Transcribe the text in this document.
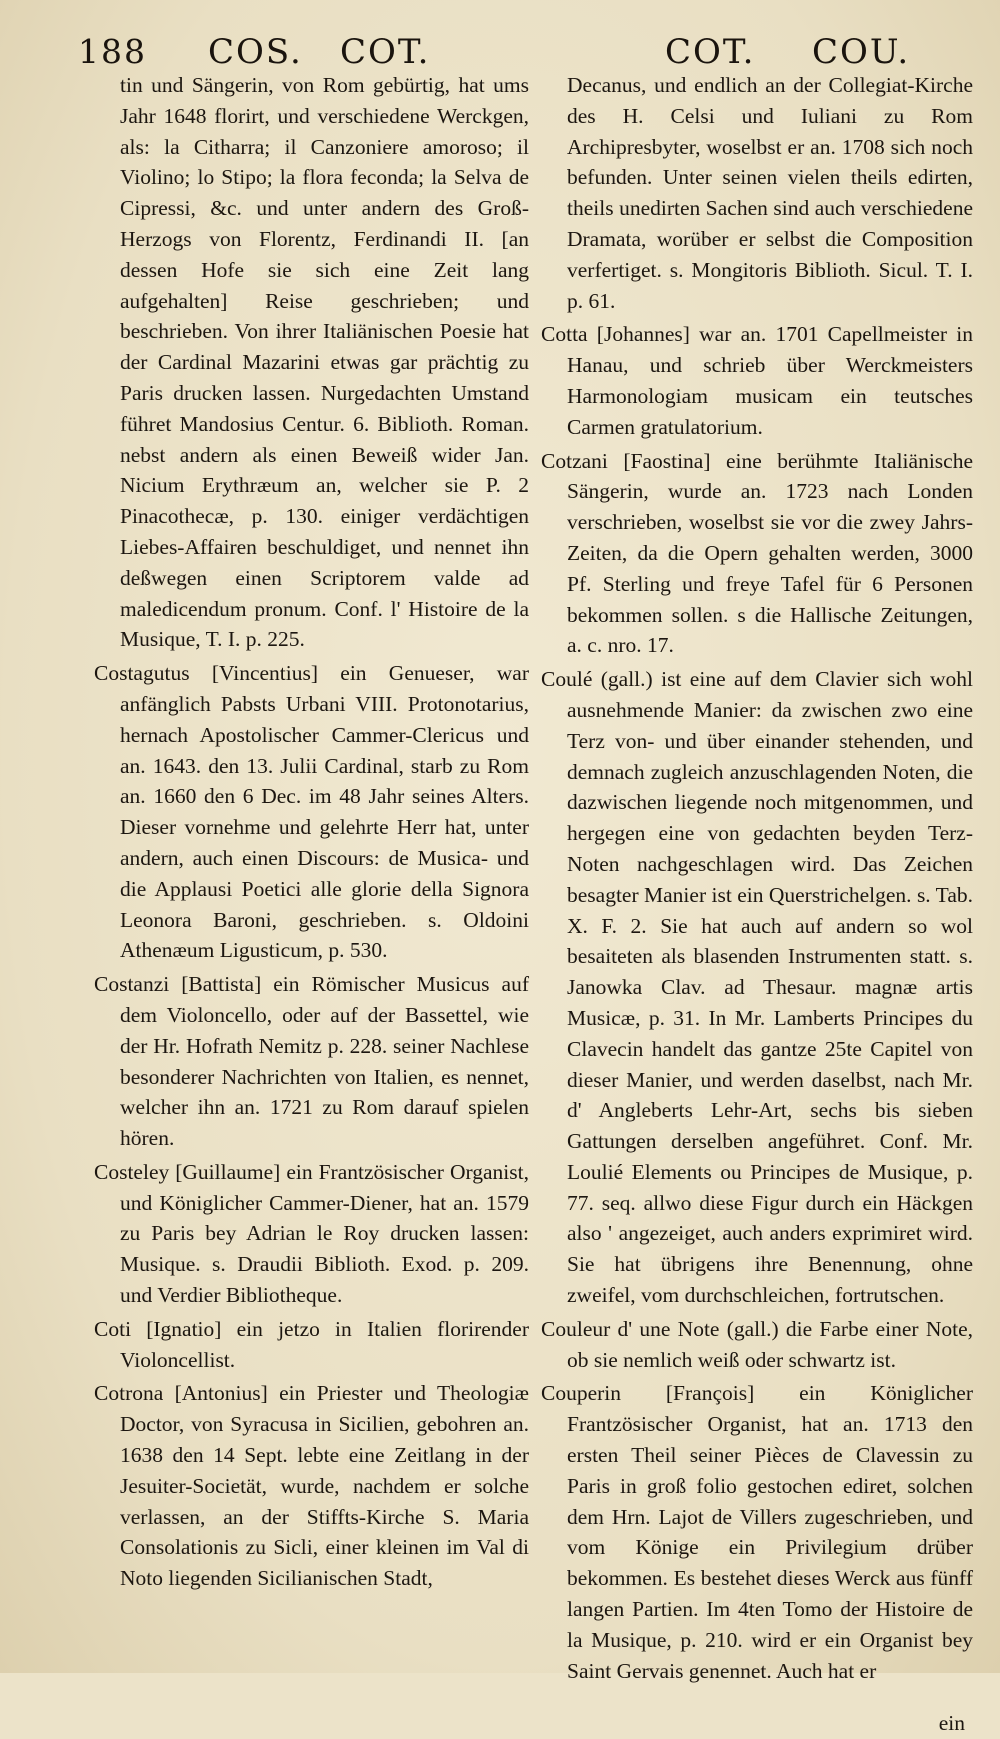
188 COS. COT.	COT. COU.

tin und Sängerin, von Rom gebürtig, hat ums Jahr 1648 florirt, und verschiedene Werckgen, als: la Citharra; il Canzoniere amoroso; il Violino; lo Stipo; la flora feconda; la Selva de Cipressi, &c. und unter andern des Groß-Herzogs von Florentz, Ferdinandi II. [an dessen Hofe sie sich eine Zeit lang aufgehalten] Reise geschrieben; und beschrieben. Von ihrer Italiänischen Poesie hat der Cardinal Mazarini etwas gar prächtig zu Paris drucken lassen. Nurgedachten Umstand führet Mandosius Centur. 6. Biblioth. Roman. nebst andern als einen Beweiß wider Jan. Nicium Erythræum an, welcher sie P. 2 Pinacothecæ, p. 130. einiger verdächtigen Liebes-Affairen beschuldiget, und nennet ihn deßwegen einen Scriptorem valde ad maledicendum pronum. Conf. l' Histoire de la Musique, T. I. p. 225.

Costagutus [Vincentius] ein Genueser, war anfänglich Pabsts Urbani VIII. Protonotarius, hernach Apostolischer Cammer-Clericus und an. 1643. den 13. Julii Cardinal, starb zu Rom an. 1660 den 6 Dec. im 48 Jahr seines Alters. Dieser vornehme und gelehrte Herr hat, unter andern, auch einen Discours: de Musica- und die Applausi Poetici alle glorie della Signora Leonora Baroni, geschrieben. s. Oldoini Athenæum Ligusticum, p. 530.

Costanzi [Battista] ein Römischer Musicus auf dem Violoncello, oder auf der Bassettel, wie der Hr. Hofrath Nemitz p. 228. seiner Nachlese besonderer Nachrichten von Italien, es nennet, welcher ihn an. 1721 zu Rom darauf spielen hören.

Costeley [Guillaume] ein Frantzösischer Organist, und Königlicher Cammer-Diener, hat an. 1579 zu Paris bey Adrian le Roy drucken lassen: Musique. s. Draudii Biblioth. Exod. p. 209. und Verdier Bibliotheque.

Coti [Ignatio] ein jetzo in Italien florirender Violoncellist.

Cotrona [Antonius] ein Priester und Theologiæ Doctor, von Syracusa in Sicilien, gebohren an. 1638 den 14 Sept. lebte eine Zeitlang in der Jesuiter-Societät, wurde, nachdem er solche verlassen, an der Stiffts-Kirche S. Maria Consolationis zu Sicli, einer kleinen im Val di Noto liegenden Sicilianischen Stadt,

Decanus, und endlich an der Collegiat-Kirche des H. Celsi und Iuliani zu Rom Archipresbyter, woselbst er an. 1708 sich noch befunden. Unter seinen vielen theils edirten, theils unedirten Sachen sind auch verschiedene Dramata, worüber er selbst die Composition verfertiget. s. Mongitoris Biblioth. Sicul. T. I. p. 61.

Cotta [Johannes] war an. 1701 Capellmeister in Hanau, und schrieb über Werckmeisters Harmonologiam musicam ein teutsches Carmen gratulatorium.

Cotzani [Faostina] eine berühmte Italiänische Sängerin, wurde an. 1723 nach Londen verschrieben, woselbst sie vor die zwey Jahrs-Zeiten, da die Opern gehalten werden, 3000 Pf. Sterling und freye Tafel für 6 Personen bekommen sollen. s die Hallische Zeitungen, a. c. nro. 17.

Coulé (gall.) ist eine auf dem Clavier sich wohl ausnehmende Manier: da zwischen zwo eine Terz von- und über einander stehenden, und demnach zugleich anzuschlagenden Noten, die dazwischen liegende noch mitgenommen, und hergegen eine von gedachten beyden Terz-Noten nachgeschlagen wird. Das Zeichen besagter Manier ist ein Querstrichelgen. s. Tab. X. F. 2. Sie hat auch auf andern so wol besaiteten als blasenden Instrumenten statt. s. Janowka Clav. ad Thesaur. magnæ artis Musicæ, p. 31. In Mr. Lamberts Principes du Clavecin handelt das gantze 25te Capitel von dieser Manier, und werden daselbst, nach Mr. d' Angleberts Lehr-Art, sechs bis sieben Gattungen derselben angeführet. Conf. Mr. Loulié Elements ou Principes de Musique, p. 77. seq. allwo diese Figur durch ein Häckgen also ' angezeiget, auch anders exprimiret wird. Sie hat übrigens ihre Benennung, ohne zweifel, vom durchschleichen, fortrutschen.

Couleur d' une Note (gall.) die Farbe einer Note, ob sie nemlich weiß oder schwartz ist.

Couperin [François] ein Königlicher Frantzösischer Organist, hat an. 1713 den ersten Theil seiner Pièces de Clavessin zu Paris in groß folio gestochen ediret, solchen dem Hrn. Lajot de Villers zugeschrieben, und vom Könige ein Privilegium drüber bekommen. Es bestehet dieses Werck aus fünff langen Partien. Im 4ten Tomo der Histoire de la Musique, p. 210. wird er ein Organist bey Saint Gervais genennet. Auch hat er

ein
